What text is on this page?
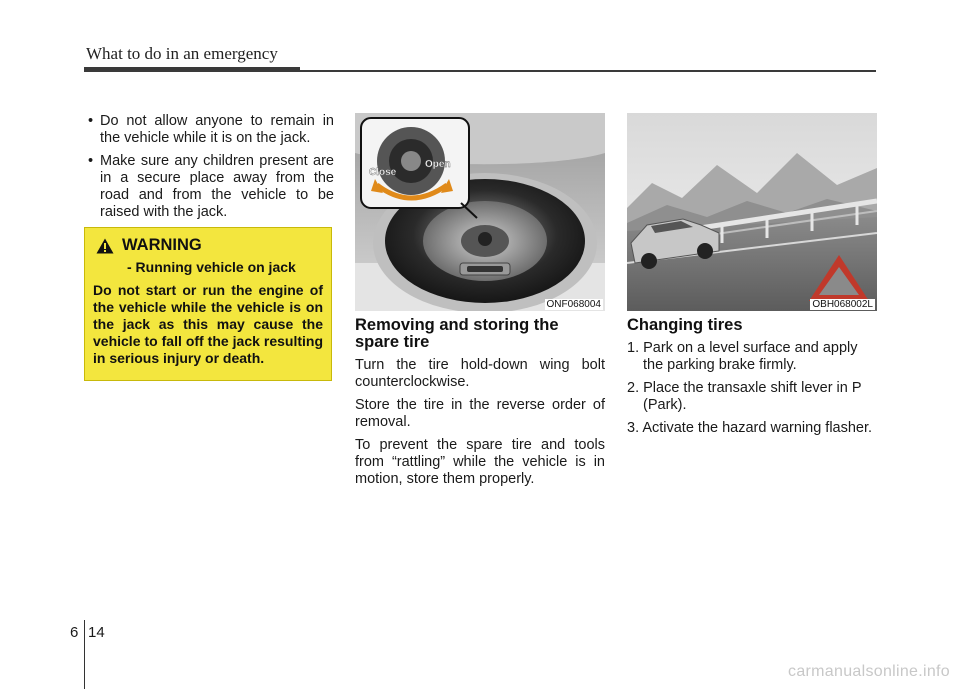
What to do in an emergency
• Do not allow anyone to remain in the vehicle while it is on the jack.
• Make sure any children present are in a secure place away from the road and from the vehicle to be raised with the jack.
WARNING
- Running vehicle on jack
Do not start or run the engine of the vehicle while the vehicle is on the jack as this may cause the vehicle to fall off the jack resulting in serious injury or death.
Close
Open
ONF068004	OBH068002L
Removing and storing the spare tire

Turn the tire hold-down wing bolt counterclockwise.

Store the tire in the reverse order of removal.

To prevent the spare tire and tools from “rattling” while the vehicle is in motion, store them properly.

Changing tires
1. Park on a level surface and apply the parking brake firmly.
2. Place the transaxle shift lever in P (Park).
3. Activate the hazard warning flasher.
6 14
carmanualsonline.info
